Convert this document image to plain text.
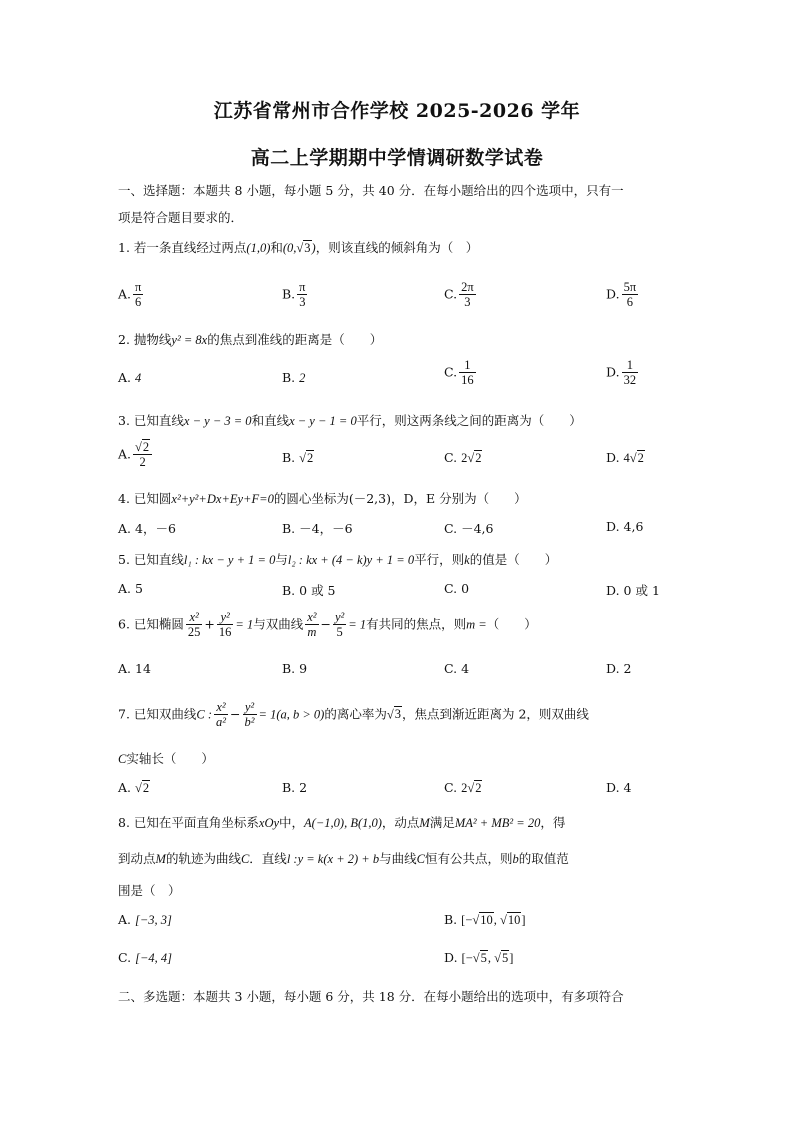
江苏省常州市合作学校 2025-2026 学年
高二上学期期中学情调研数学试卷
一、选择题：本题共 8 小题，每小题 5 分，共 40 分．在每小题给出的四个选项中，只有一
项是符合题目要求的．
1. 若一条直线经过两点(1,0)和(0,√3)，则该直线的倾斜角为（　）
A. $\frac{\pi}{6}$	B. $\frac{\pi}{3}$	C. $\frac{2\pi}{3}$	D. $\frac{5\pi}{6}$
2. 抛物线y² = 8x的焦点到准线的距离是（　　）
A. 4	B. 2	C. $\frac{1}{16}$	D. $\frac{1}{32}$
3. 已知直线x − y − 3 = 0和直线x − y − 1 = 0平行，则这两条线之间的距离为（　　）
A. $\frac{√2}{2}$	B. √2	C. 2√2	D. 4√2
4. 已知圆x²+y²+Dx+Ey+F=0的圆心坐标为(－2,3)，D，E 分别为（　　）
A. 4，－6	B. －4，－6	C. －4,6	D. 4,6
5. 已知直线l₁ : kx − y + 1 = 0与l₂ : kx + (4 − k)y + 1 = 0平行，则k的值是（　　）
A. 5	B. 0 或 5	C. 0	D. 0 或 1
6. 已知椭圆 $\frac{\text{x²}}{25} + \frac{\text{y²}}{16} = 1$与双曲线 $\frac{\text{x²}}{m} - \frac{\text{y²}}{5} = 1$有共同的焦点，则m =（　　）
A. 14	B. 9	C. 4	D. 2
7. 已知双曲线C : $\frac{\text{x²}}{\text{a²}} - \frac{\text{y²}}{\text{b²}} = 1(a$, b > 0)的离心率为√3，焦点到渐近距离为 2，则双曲线
C实轴长（　　）
A. √2	B. 2	C. 2√2	D. 4
8. 已知在平面直角坐标系xOy中，A(−1,0), B(1,0)，动点M满足MA² + MB² = 20，得
到动点M的轨迹为曲线C．直线l :y = k(x + 2) + b与曲线C恒有公共点，则b的取值范
围是（　）
A. [−3, 3]	B. [−√10, √10]
C. [−4, 4]	D. [−√5, √5]
二、多选题：本题共 3 小题，每小题 6 分，共 18 分．在每小题给出的选项中，有多项符合
